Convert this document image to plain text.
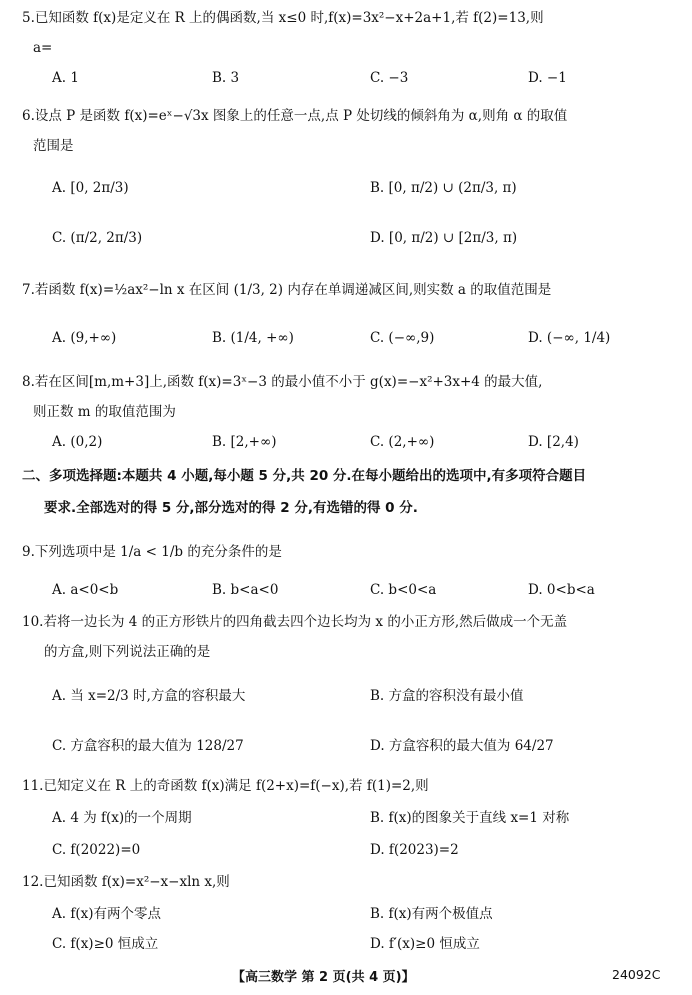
5.已知函数 f(x)是定义在 R 上的偶函数,当 x≤0 时,f(x)=3x²−x+2a+1,若 f(2)=13,则
a=
A. 1	B. 3	C. −3	D. −1
6.设点 P 是函数 f(x)=eˣ−√3x 图象上的任意一点,点 P 处切线的倾斜角为 α,则角 α 的取值
范围是
A. [0, 2π/3)	B. [0, π/2) ∪ (2π/3, π)
C. (π/2, 2π/3)	D. [0, π/2) ∪ [2π/3, π)
7.若函数 f(x)=½ax²−ln x 在区间 (1/3, 2) 内存在单调递减区间,则实数 a 的取值范围是
A. (9,+∞)	B. (1/4, +∞)	C. (−∞,9)	D. (−∞, 1/4)
8.若在区间[m,m+3]上,函数 f(x)=3ˣ−3 的最小值不小于 g(x)=−x²+3x+4 的最大值,
则正数 m 的取值范围为
A. (0,2)	B. [2,+∞)	C. (2,+∞)	D. [2,4)
二、多项选择题:本题共 4 小题,每小题 5 分,共 20 分.在每小题给出的选项中,有多项符合题目
要求.全部选对的得 5 分,部分选对的得 2 分,有选错的得 0 分.
9.下列选项中是 1/a < 1/b 的充分条件的是
A. a<0<b	B. b<a<0	C. b<0<a	D. 0<b<a
10.若将一边长为 4 的正方形铁片的四角截去四个边长均为 x 的小正方形,然后做成一个无盖
的方盒,则下列说法正确的是
A. 当 x=2/3 时,方盒的容积最大	B. 方盒的容积没有最小值
C. 方盒容积的最大值为 128/27	D. 方盒容积的最大值为 64/27
11.已知定义在 R 上的奇函数 f(x)满足 f(2+x)=f(−x),若 f(1)=2,则
A. 4 为 f(x)的一个周期	B. f(x)的图象关于直线 x=1 对称
C. f(2022)=0	D. f(2023)=2
12.已知函数 f(x)=x²−x−xln x,则
A. f(x)有两个零点	B. f(x)有两个极值点
C. f(x)≥0 恒成立	D. f′(x)≥0 恒成立
【高三数学 第 2 页(共 4 页)】	24092C
